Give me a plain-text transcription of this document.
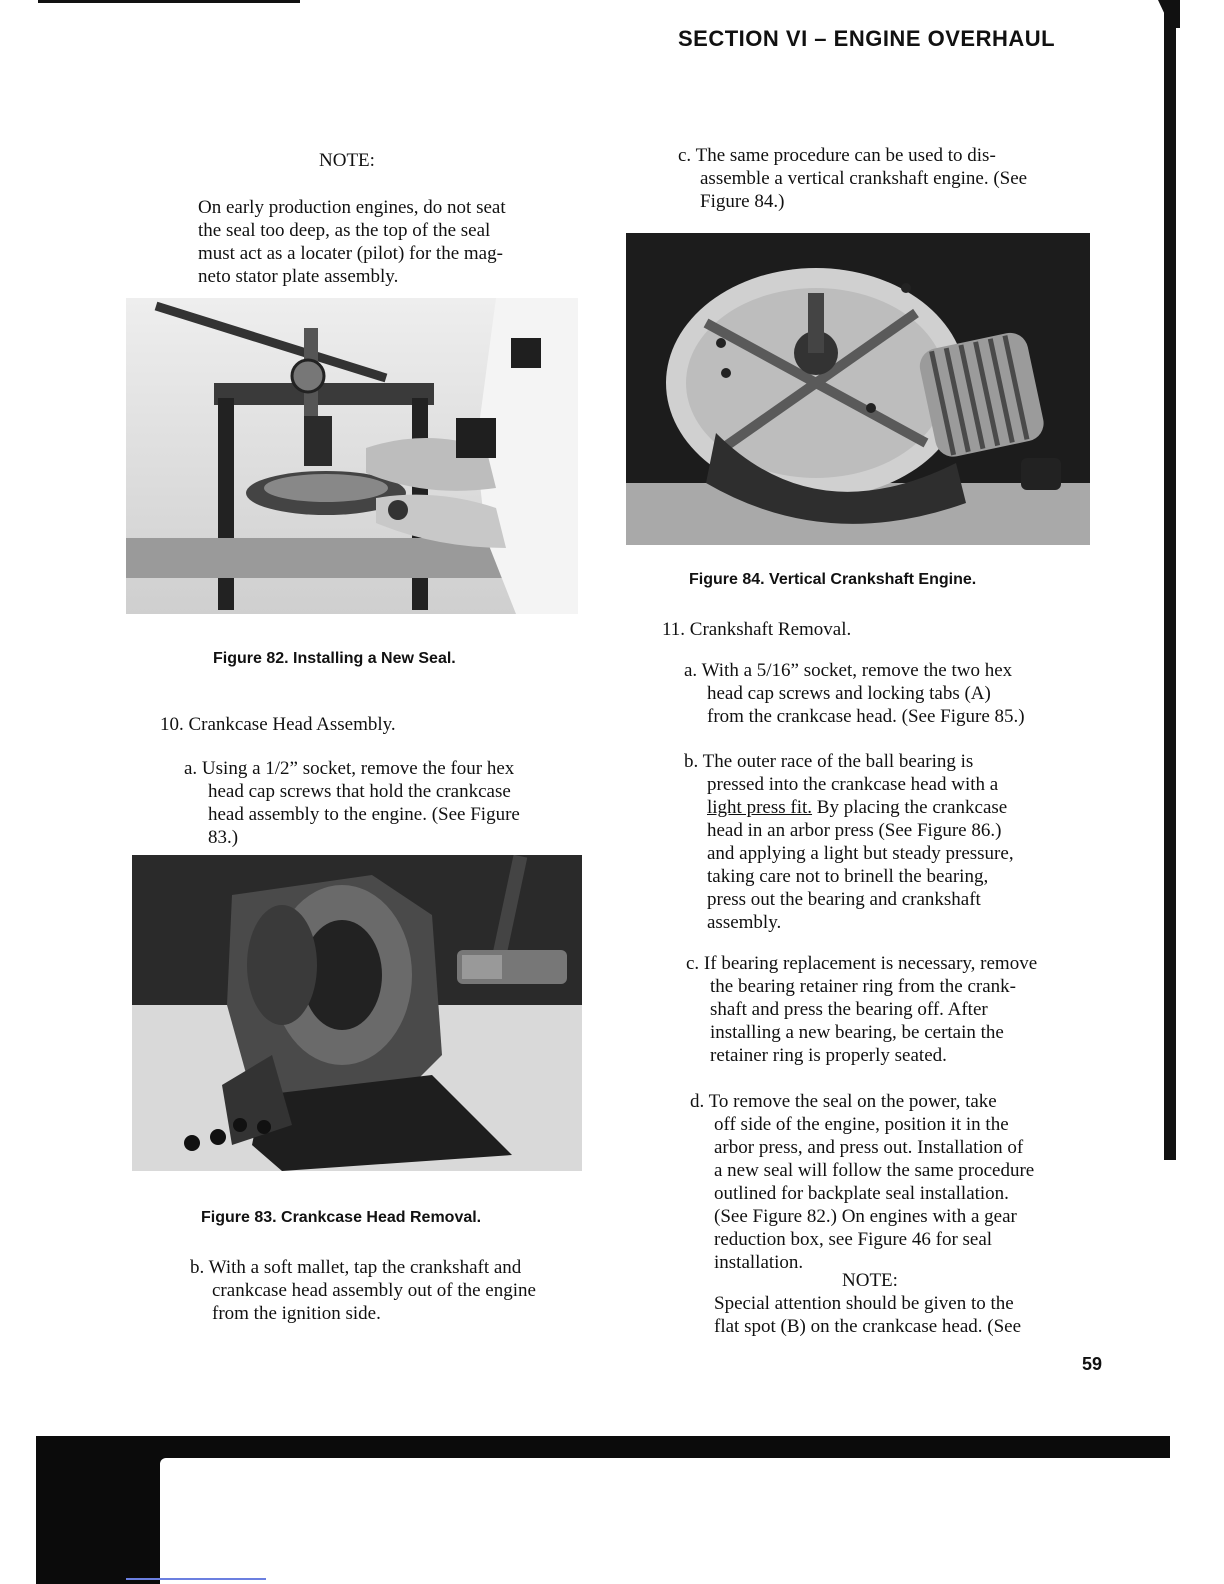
SECTION VI – ENGINE OVERHAUL
NOTE:
On early production engines, do not seat
the seal too deep, as the top of the seal
must act as a locater (pilot) for the mag-
neto stator plate assembly.
Figure 82. Installing a New Seal.
10. Crankcase Head Assembly.
a. Using a 1/2” socket, remove the four hex
head cap screws that hold the crankcase
head assembly to the engine. (See Figure
83.)
Figure 83. Crankcase Head Removal.
b. With a soft mallet, tap the crankshaft and
crankcase head assembly out of the engine
from the ignition side.
c. The same procedure can be used to dis-
assemble a vertical crankshaft engine. (See
Figure 84.)
Figure 84. Vertical Crankshaft Engine.
11. Crankshaft Removal.
a. With a 5/16” socket, remove the two hex
head cap screws and locking tabs (A)
from the crankcase head. (See Figure 85.)
b. The outer race of the ball bearing is
pressed into the crankcase head with a
light press fit. By placing the crankcase
head in an arbor press (See Figure 86.)
and applying a light but steady pressure,
taking care not to brinell the bearing,
press out the bearing and crankshaft
assembly.
c. If bearing replacement is necessary, remove
the bearing retainer ring from the crank-
shaft and press the bearing off. After
installing a new bearing, be certain the
retainer ring is properly seated.
d. To remove the seal on the power, take
off side of the engine, position it in the
arbor press, and press out. Installation of
a new seal will follow the same procedure
outlined for backplate seal installation.
(See Figure 82.) On engines with a gear
reduction box, see Figure 46 for seal
installation.
NOTE:
Special attention should be given to the
flat spot (B) on the crankcase head. (See
59
